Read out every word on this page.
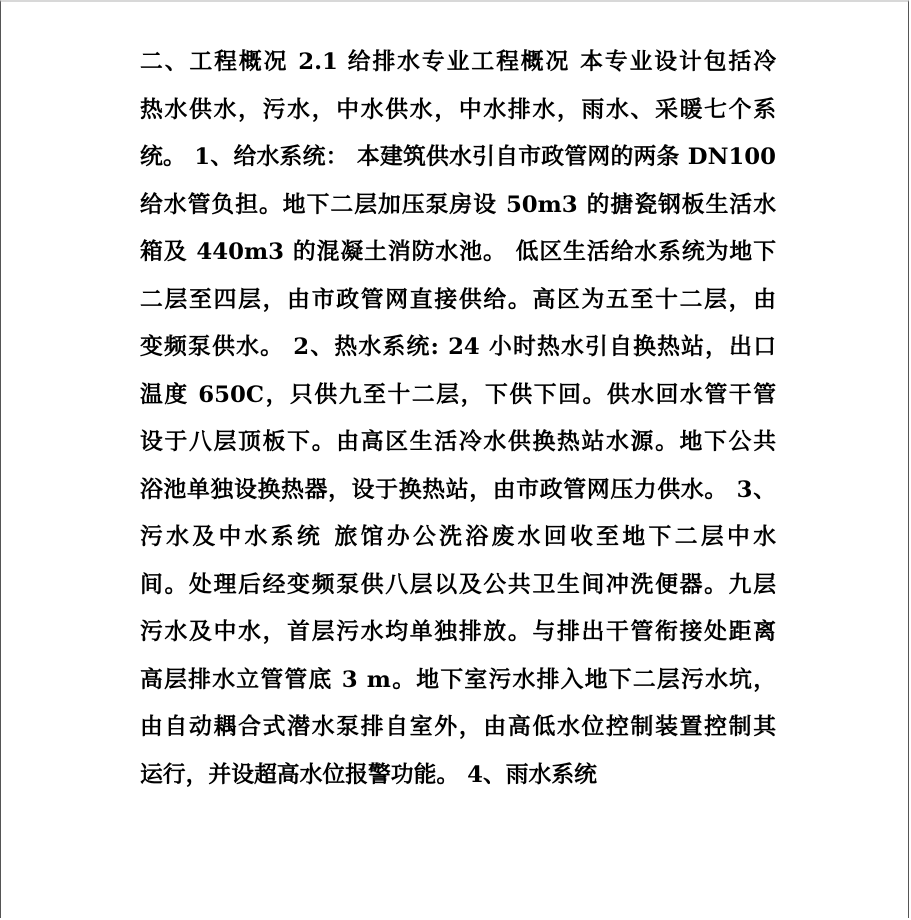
二、工程概况 2.1 给排水专业工程概况 本专业设计包括冷
热水供水，污水，中水供水，中水排水，雨水、采暖七个系
统。 1、给水系统： 本建筑供水引自市政管网的两条 DN100
给水管负担。地下二层加压泵房设 50m3 的搪瓷钢板生活水
箱及 440m3 的混凝土消防水池。 低区生活给水系统为地下
二层至四层，由市政管网直接供给。高区为五至十二层，由
变频泵供水。 2、热水系统: 24 小时热水引自换热站，出口
温度 650C，只供九至十二层，下供下回。供水回水管干管
设于八层顶板下。由高区生活冷水供换热站水源。地下公共
浴池单独设换热器，设于换热站，由市政管网压力供水。 3、
污水及中水系统 旅馆办公洗浴废水回收至地下二层中水
间。处理后经变频泵供八层以及公共卫生间冲洗便器。九层
污水及中水，首层污水均单独排放。与排出干管衔接处距离
高层排水立管管底 3 m。地下室污水排入地下二层污水坑，
由自动耦合式潜水泵排自室外，由高低水位控制装置控制其
运行，并设超高水位报警功能。 4、雨水系统
